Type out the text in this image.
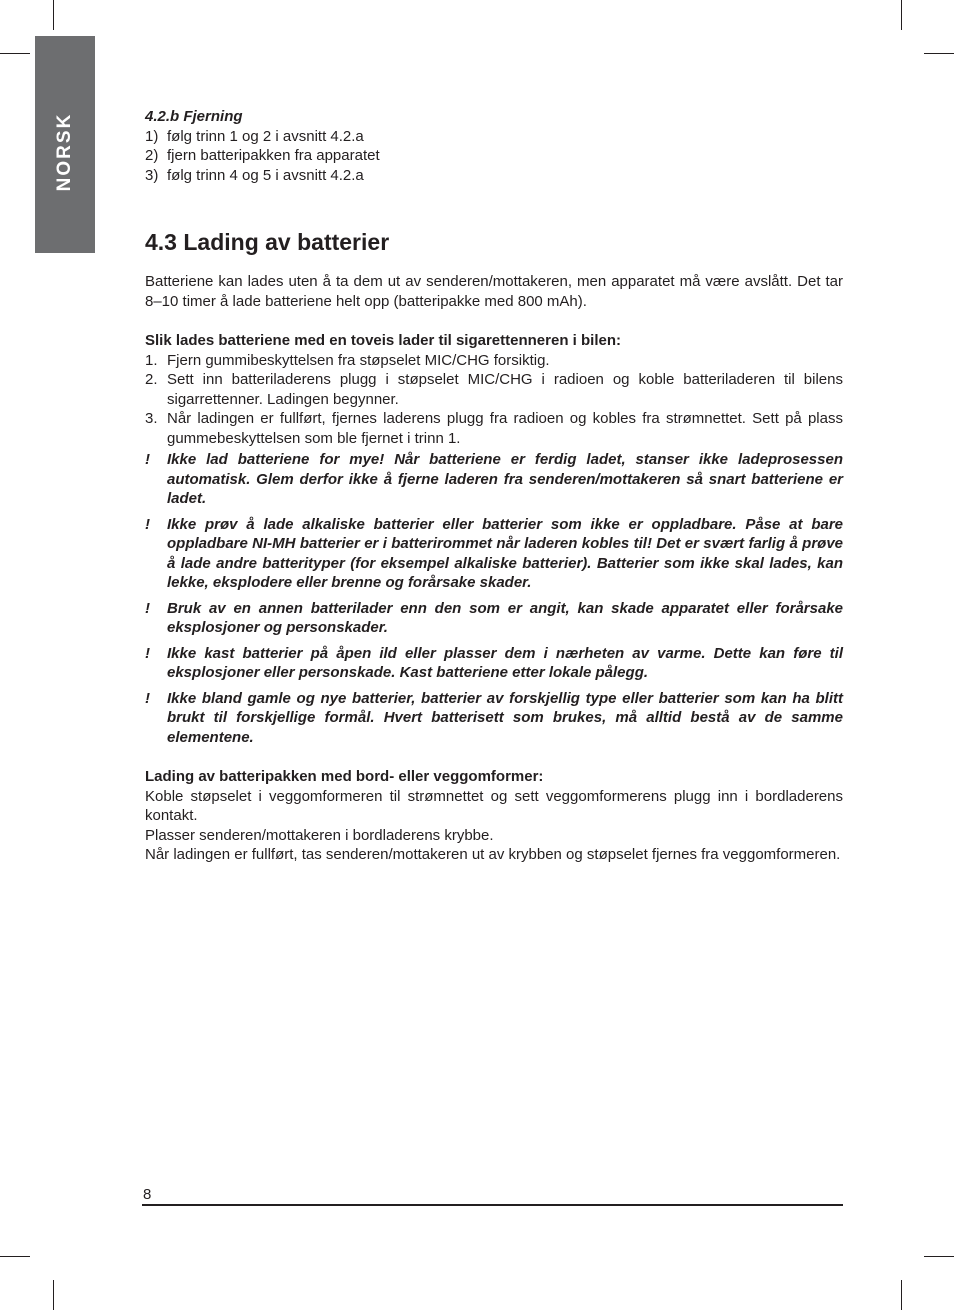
NORSK	4.2.b Fjerning
1) følg trinn 1 og 2 i avsnitt 4.2.a
2) fjern batteripakken fra apparatet
3) følg trinn 4 og 5 i avsnitt 4.2.a
4.3 Lading av batterier
Batteriene kan lades uten å ta dem ut av senderen/mottakeren, men apparatet må være avslått. Det tar 8–10 timer å lade batteriene helt opp (batteripakke med 800 mAh).
Slik lades batteriene med en toveis lader til sigarettenneren i bilen:
1. Fjern gummibeskyttelsen fra støpselet MIC/CHG forsiktig.
2. Sett inn batteriladerens plugg i støpselet MIC/CHG i radioen og koble batteriladeren til bilens sigarrettenner. Ladingen begynner.
3. Når ladingen er fullført, fjernes laderens plugg fra radioen og kobles fra strømnettet. Sett på plass gummebeskyttelsen som ble fjernet i trinn 1.
! Ikke lad batteriene for mye! Når batteriene er ferdig ladet, stanser ikke ladeprosessen automatisk. Glem derfor ikke å fjerne laderen fra senderen/mottakeren så snart batteriene er ladet.
! Ikke prøv å lade alkaliske batterier eller batterier som ikke er oppladbare. Påse at bare oppladbare NI-MH batterier er i batterirommet når laderen kobles til! Det er svært farlig å prøve å lade andre batterityper (for eksempel alkaliske batterier). Batterier som ikke skal lades, kan lekke, eksplodere eller brenne og forårsake skader.
! Bruk av en annen batterilader enn den som er angit, kan skade apparatet eller forårsake eksplosjoner og personskader.
! Ikke kast batterier på åpen ild eller plasser dem i nærheten av varme. Dette kan føre til eksplosjoner eller personskade. Kast batteriene etter lokale pålegg.
! Ikke bland gamle og nye batterier, batterier av forskjellig type eller batterier som kan ha blitt brukt til forskjellige formål. Hvert batterisett som brukes, må alltid bestå av de samme elementene.
Lading av batteripakken med bord- eller veggomformer:
Koble støpselet i veggomformeren til strømnettet og sett veggomformerens plugg inn i bordladerens kontakt.
Plasser senderen/mottakeren i bordladerens krybbe.
Når ladingen er fullført, tas senderen/mottakeren ut av krybben og støpselet fjernes fra veggomformeren.
8
